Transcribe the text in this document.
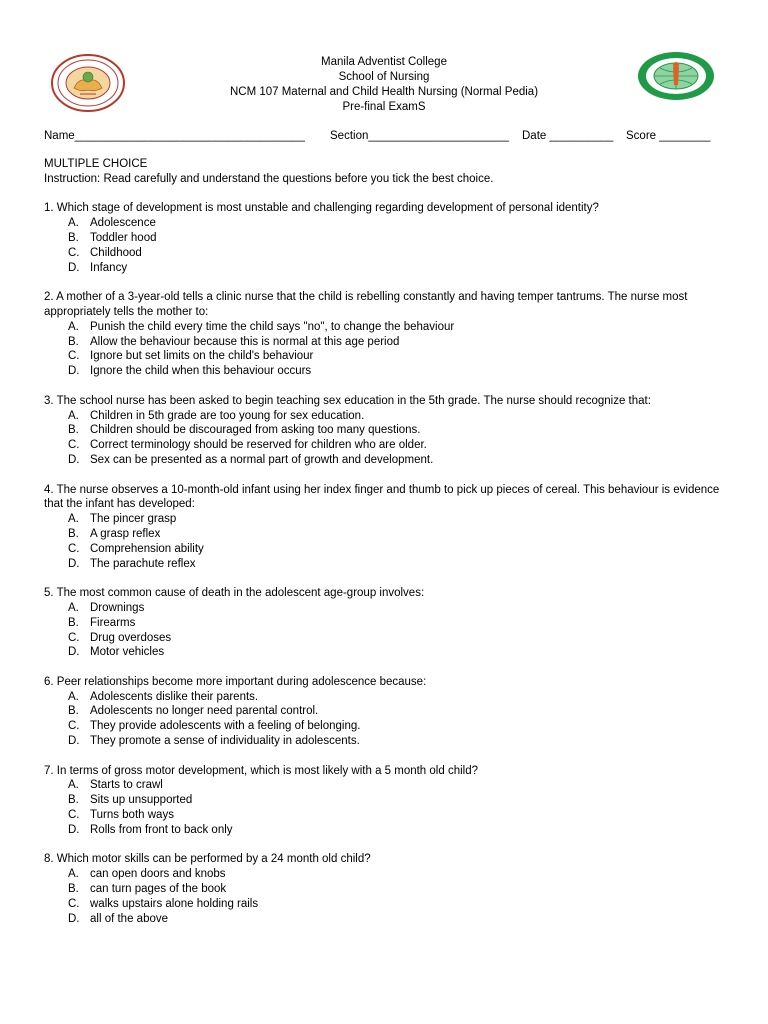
Manila Adventist College
School of Nursing
NCM 107 Maternal and Child Health Nursing (Normal Pedia)
Pre-final ExamS
Name____________________________________ Section______________________ Date __________ Score ________

MULTIPLE CHOICE

Instruction: Read carefully and understand the questions before you tick the best choice.

1. Which stage of development is most unstable and challenging regarding development of personal identity?

A. Adolescence
B. Toddler hood
C. Childhood
D. Infancy

2. A mother of a 3-year-old tells a clinic nurse that the child is rebelling constantly and having temper tantrums. The nurse most appropriately tells the mother to:

A. Punish the child every time the child says "no", to change the behaviour
B. Allow the behaviour because this is normal at this age period
C. Ignore but set limits on the child's behaviour
D. Ignore the child when this behaviour occurs

3. The school nurse has been asked to begin teaching sex education in the 5th grade. The nurse should recognize that:

A. Children in 5th grade are too young for sex education.
B. Children should be discouraged from asking too many questions.
C. Correct terminology should be reserved for children who are older.
D. Sex can be presented as a normal part of growth and development.

4. The nurse observes a 10-month-old infant using her index finger and thumb to pick up pieces of cereal. This behaviour is evidence that the infant has developed:

A. The pincer grasp
B. A grasp reflex
C. Comprehension ability
D. The parachute reflex

5. The most common cause of death in the adolescent age-group involves:

A. Drownings
B. Firearms
C. Drug overdoses
D. Motor vehicles

6. Peer relationships become more important during adolescence because:

A. Adolescents dislike their parents.
B. Adolescents no longer need parental control.
C. They provide adolescents with a feeling of belonging.
D. They promote a sense of individuality in adolescents.

7. In terms of gross motor development, which is most likely with a 5 month old child?

A. Starts to crawl
B. Sits up unsupported
C. Turns both ways
D. Rolls from front to back only

8. Which motor skills can be performed by a 24 month old child?

A. can open doors and knobs
B. can turn pages of the book
C. walks upstairs alone holding rails
D. all of the above
